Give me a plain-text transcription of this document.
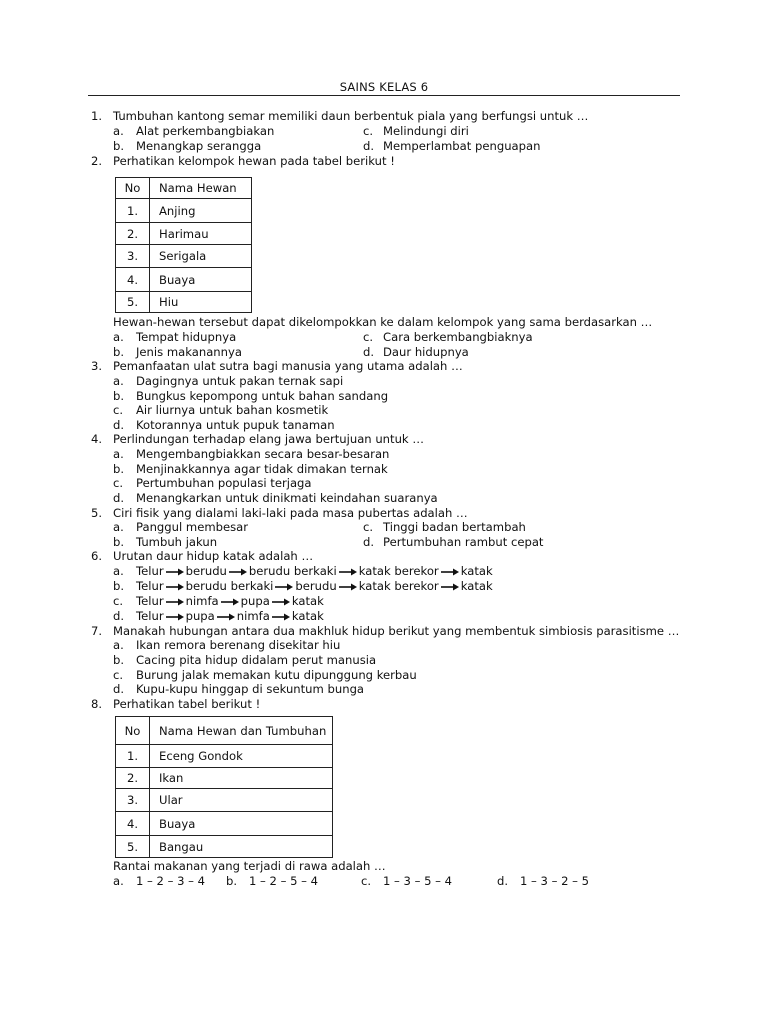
SAINS KELAS 6
1. Tumbuhan kantong semar memiliki daun berbentuk piala yang berfungsi untuk …
a. Alat perkembangbiakan	c. Melindungi diri
b. Menangkap serangga	d. Memperlambat penguapan
2. Perhatikan kelompok hewan pada tabel berikut !
No	Nama Hewan
1.	Anjing
2.	Harimau
3.	Serigala
4.	Buaya
5.	Hiu
Hewan-hewan tersebut dapat dikelompokkan ke dalam kelompok yang sama berdasarkan …
a. Tempat hidupnya	c. Cara berkembangbiaknya
b. Jenis makanannya	d. Daur hidupnya
3. Pemanfaatan ulat sutra bagi manusia yang utama adalah …
a. Dagingnya untuk pakan ternak sapi
b. Bungkus kepompong untuk bahan sandang
c. Air liurnya untuk bahan kosmetik
d. Kotorannya untuk pupuk tanaman
4. Perlindungan terhadap elang jawa bertujuan untuk …
a. Mengembangbiakkan secara besar-besaran
b. Menjinakkannya agar tidak dimakan ternak
c. Pertumbuhan populasi terjaga
d. Menangkarkan untuk dinikmati keindahan suaranya
5. Ciri fisik yang dialami laki-laki pada masa pubertas adalah …
a. Panggul membesar	c. Tinggi badan bertambah
b. Tumbuh jakun	d. Pertumbuhan rambut cepat
6. Urutan daur hidup katak adalah …
a. Telur berudu berudu berkaki katak berekor katak
b. Telur berudu berkaki berudu katak berekor katak
c. Telur nimfa pupa katak
d. Telur pupa nimfa katak
7. Manakah hubungan antara dua makhluk hidup berikut yang membentuk simbiosis parasitisme …
a. Ikan remora berenang disekitar hiu
b. Cacing pita hidup didalam perut manusia
c. Burung jalak memakan kutu dipunggung kerbau
d. Kupu-kupu hinggap di sekuntum bunga
8. Perhatikan tabel berikut !
No	Nama Hewan dan Tumbuhan
1.	Eceng Gondok
2.	Ikan
3.	Ular
4.	Buaya
5.	Bangau
Rantai makanan yang terjadi di rawa adalah …
a. 1 – 2 – 3 – 4 b. 1 – 2 – 5 – 4	c. 1 – 3 – 5 – 4	d. 1 – 3 – 2 – 5
